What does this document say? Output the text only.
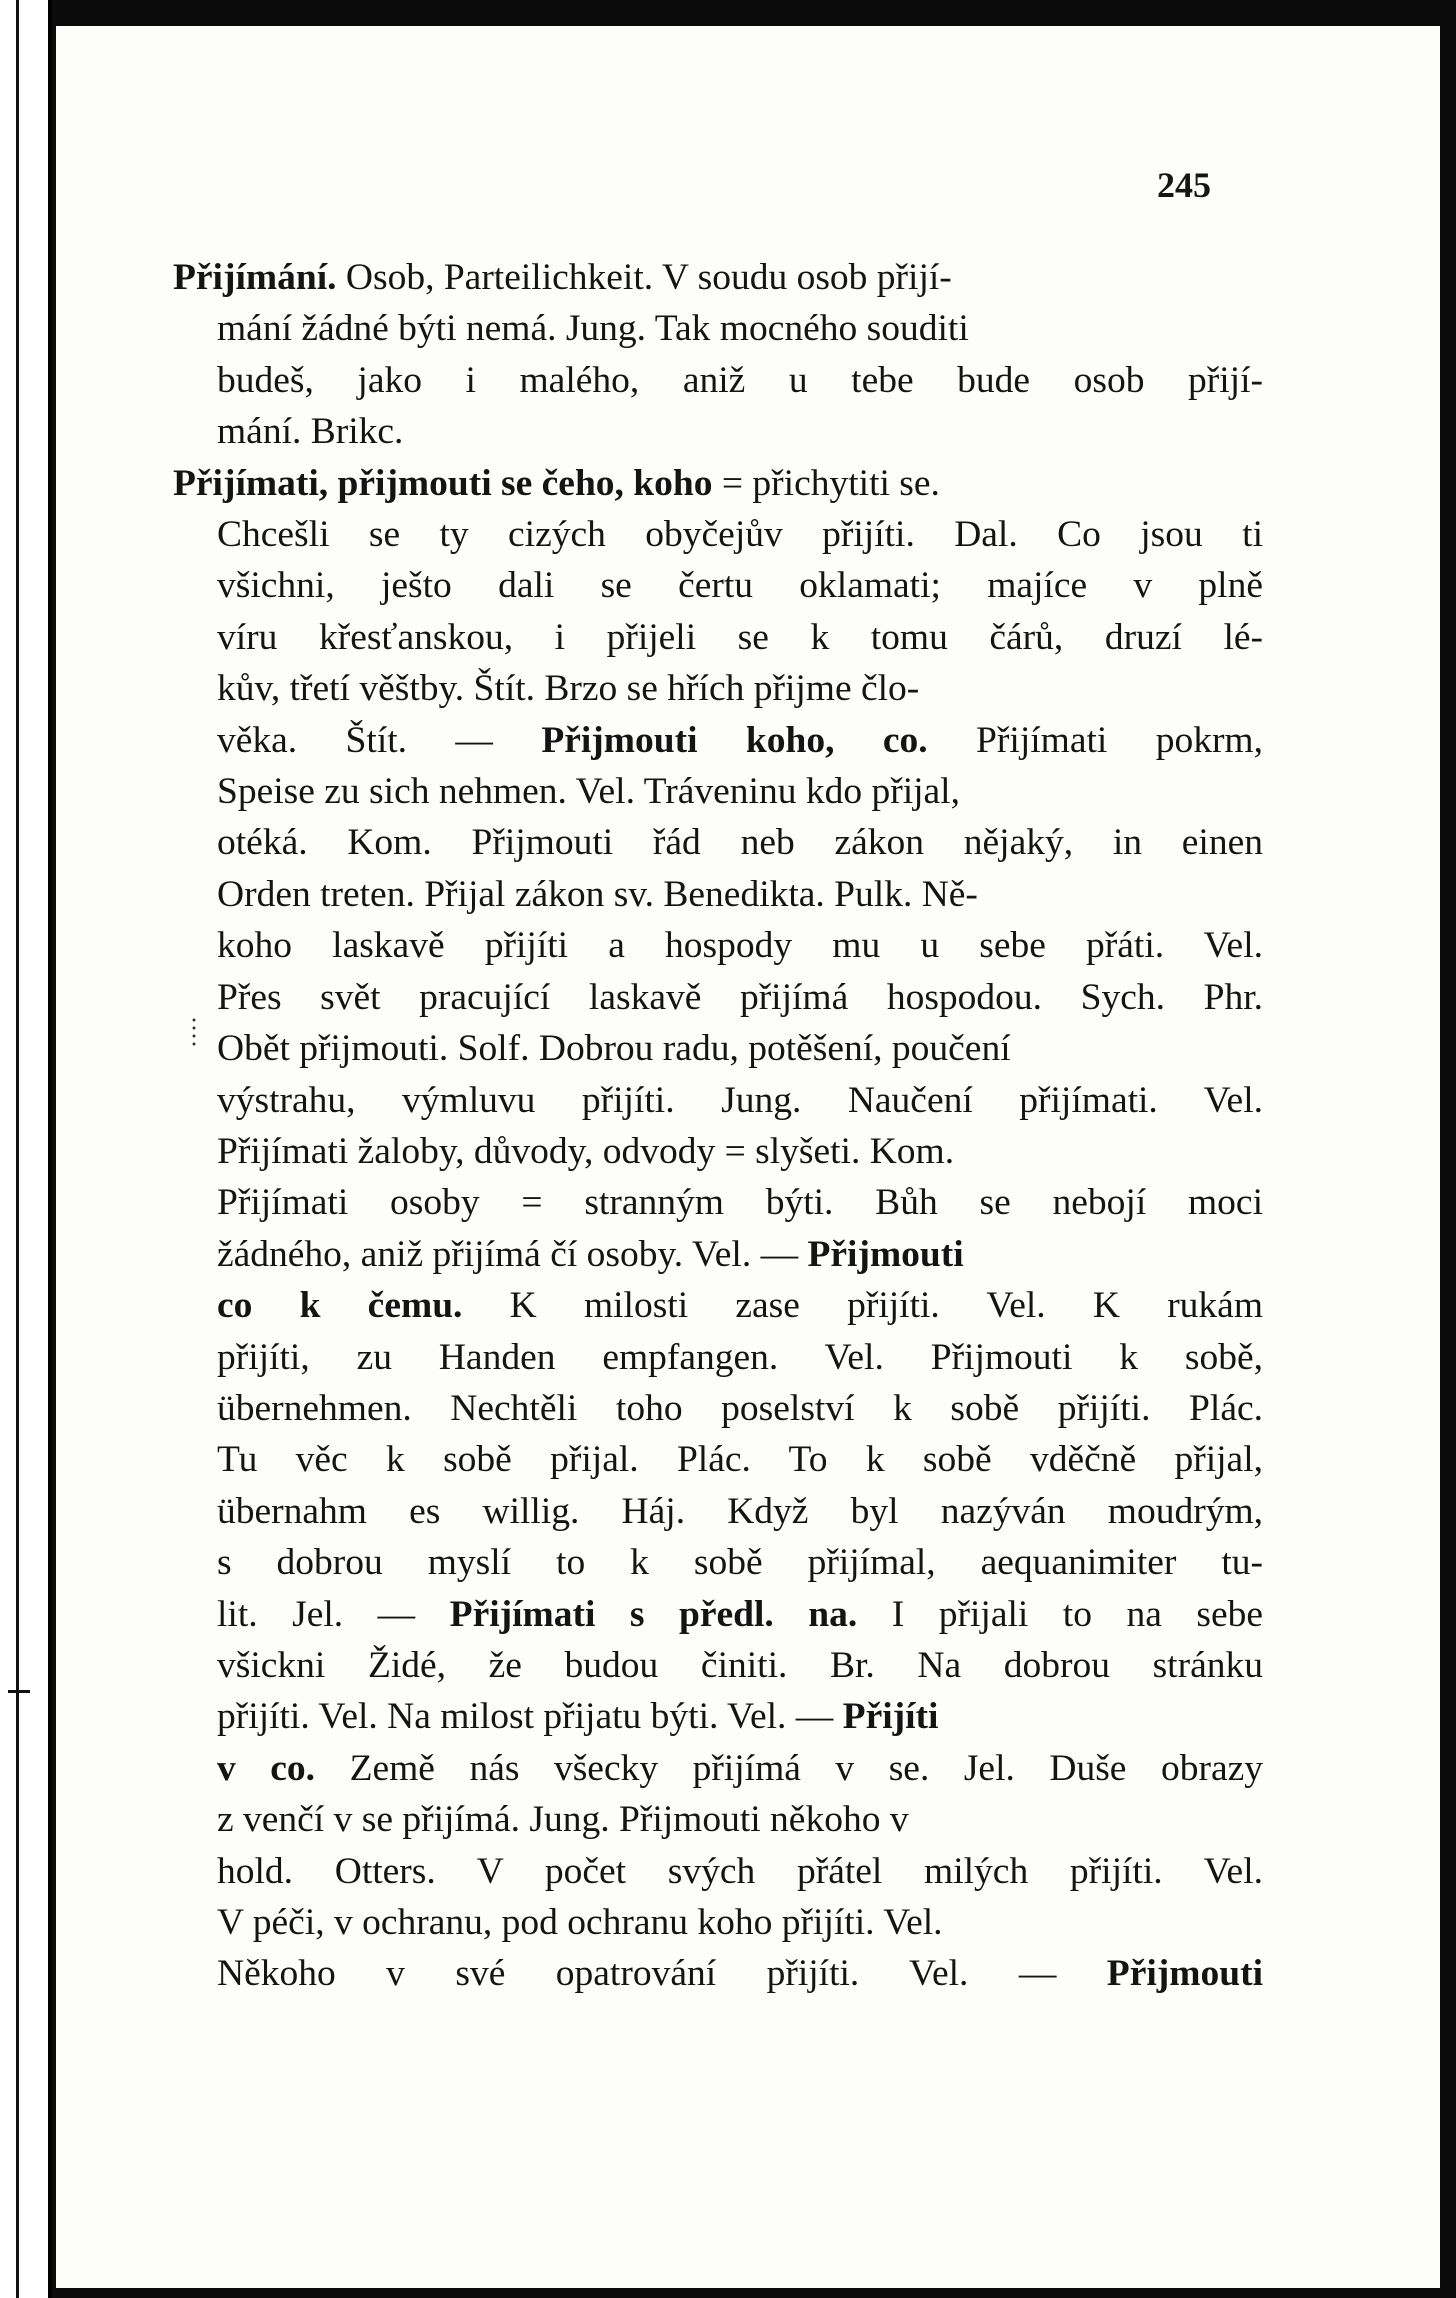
245
Přijímání. Osob, Parteilichkeit. V soudu osob přijí-
mání žádné býti nemá. Jung. Tak mocného souditi
budeš, jako i malého, aniž u tebe bude osob přijí-
mání. Brikc.
Přijímati, přijmouti se čeho, koho = přichytiti se.
Chcešli se ty cizých obyčejův přijíti. Dal. Co jsou ti
všichni, ješto dali se čertu oklamati; majíce v plně
víru křesťanskou, i přijeli se k tomu čárů, druzí lé-
kův, třetí věštby. Štít. Brzo se hřích přijme člo-
věka. Štít. — Přijmouti koho, co. Přijímati pokrm,
Speise zu sich nehmen. Vel. Tráveninu kdo přijal,
otéká. Kom. Přijmouti řád neb zákon nějaký, in einen
Orden treten. Přijal zákon sv. Benedikta. Pulk. Ně-
koho laskavě přijíti a hospody mu u sebe přáti. Vel.
Přes svět pracující laskavě přijímá hospodou. Sych. Phr.
Obět přijmouti. Solf. Dobrou radu, potěšení, poučení
výstrahu, výmluvu přijíti. Jung. Naučení přijímati. Vel.
Přijímati žaloby, důvody, odvody = slyšeti. Kom.
Přijímati osoby = stranným býti. Bůh se nebojí moci
žádného, aniž přijímá čí osoby. Vel. — Přijmouti
co k čemu. K milosti zase přijíti. Vel. K rukám
přijíti, zu Handen empfangen. Vel. Přijmouti k sobě,
übernehmen. Nechtěli toho poselství k sobě přijíti. Plác.
Tu věc k sobě přijal. Plác. To k sobě vděčně přijal,
übernahm es willig. Háj. Když byl nazýván moudrým,
s dobrou myslí to k sobě přijímal, aequanimiter tu-
lit. Jel. — Přijímati s předl. na. I přijali to na sebe
všickni Židé, že budou činiti. Br. Na dobrou stránku
přijíti. Vel. Na milost přijatu býti. Vel. — Přijíti
v co. Země nás všecky přijímá v se. Jel. Duše obrazy
z venčí v se přijímá. Jung. Přijmouti někoho v
hold. Otters. V počet svých přátel milých přijíti. Vel.
V péči, v ochranu, pod ochranu koho přijíti. Vel.
Někoho v své opatrování přijíti. Vel. — Přijmouti
